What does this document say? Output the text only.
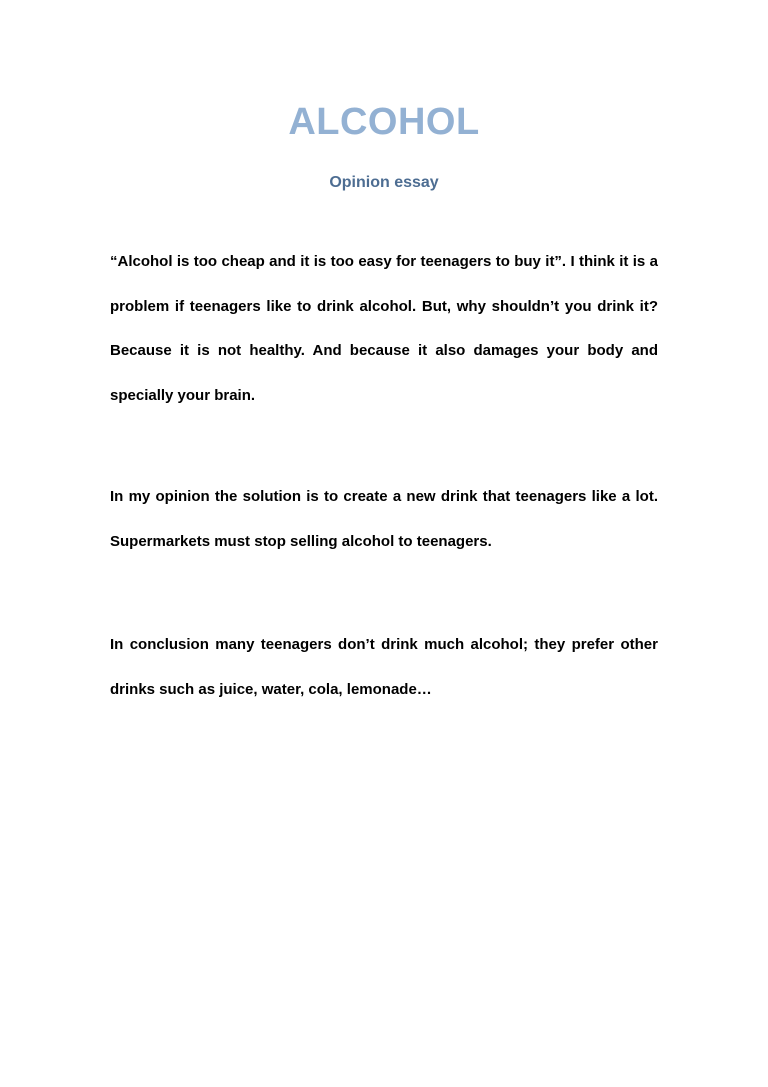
ALCOHOL
Opinion essay

“Alcohol is too cheap and it is too easy for teenagers to buy it”. I think it is a problem if teenagers like to drink alcohol. But, why shouldn’t you drink it? Because it is not healthy. And because it also damages your body and specially your brain.

In my opinion the solution is to create a new drink that teenagers like a lot. Supermarkets must stop selling alcohol to teenagers.

In conclusion many teenagers don’t drink much alcohol; they prefer other drinks such as juice, water, cola, lemonade…
